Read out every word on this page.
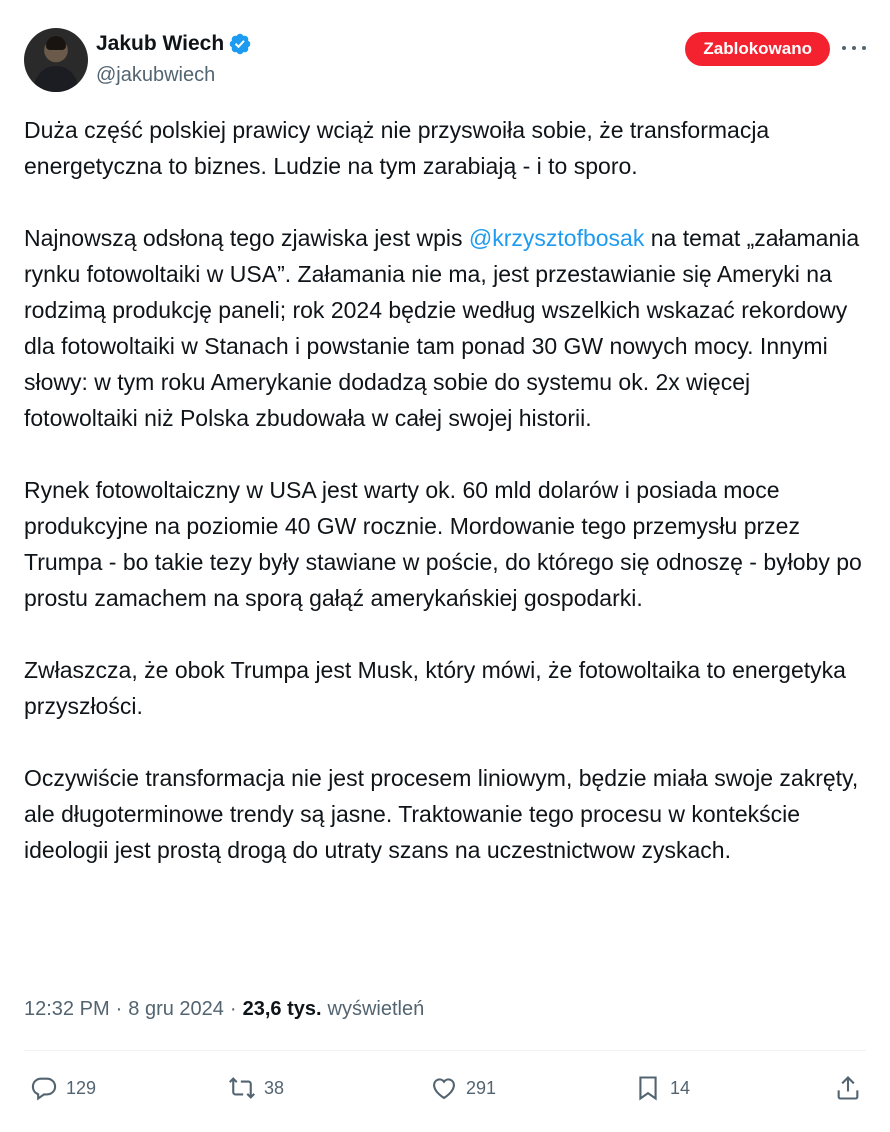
Jakub Wiech
@jakubwiech
Zablokowano

Duża część polskiej prawicy wciąż nie przyswoiła sobie, że transformacja energetyczna to biznes. Ludzie na tym zarabiają - i to sporo.

Najnowszą odsłoną tego zjawiska jest wpis @krzysztofbosak na temat „załamania rynku fotowoltaiki w USA”. Załamania nie ma, jest przestawianie się Ameryki na rodzimą produkcję paneli; rok 2024 będzie według wszelkich wskazać rekordowy dla fotowoltaiki w Stanach i powstanie tam ponad 30 GW nowych mocy. Innymi słowy: w tym roku Amerykanie dodadzą sobie do systemu ok. 2x więcej fotowoltaiki niż Polska zbudowała w całej swojej historii.

Rynek fotowoltaiczny w USA jest warty ok. 60 mld dolarów i posiada moce produkcyjne na poziomie 40 GW rocznie. Mordowanie tego przemysłu przez Trumpa - bo takie tezy były stawiane w poście, do którego się odnoszę - byłoby po prostu zamachem na sporą gałąź amerykańskiej gospodarki.

Zwłaszcza, że obok Trumpa jest Musk, który mówi, że fotowoltaika to energetyka przyszłości.

Oczywiście transformacja nie jest procesem liniowym, będzie miała swoje zakręty, ale długoterminowe trendy są jasne. Traktowanie tego procesu w kontekście ideologii jest prostą drogą do utraty szans na uczestnictwow zyskach.

12:32 PM · 8 gru 2024 · 23,6 tys. wyświetleń
129	38	291	14
